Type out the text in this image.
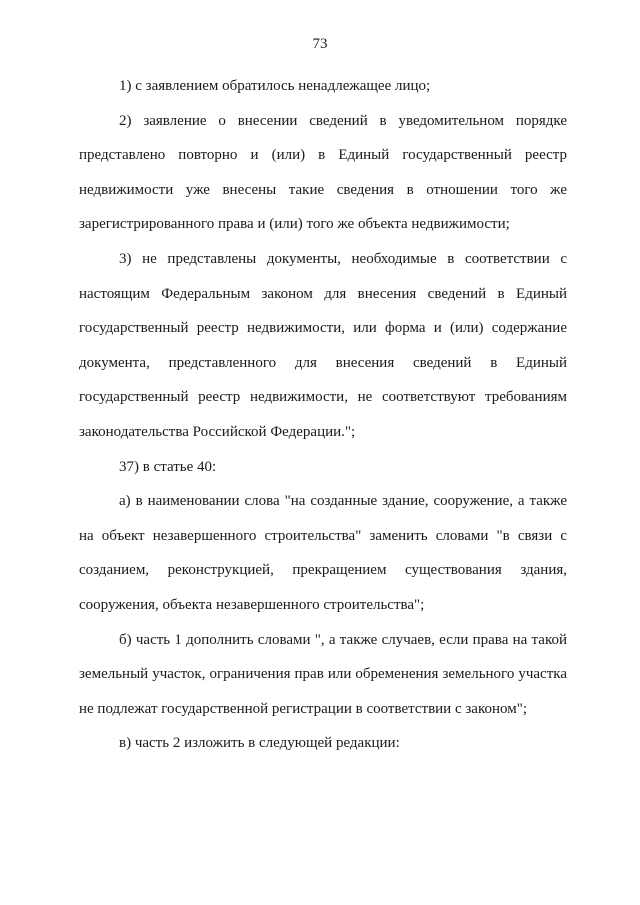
73

1) с заявлением обратилось ненадлежащее лицо;

2) заявление о внесении сведений в уведомительном порядке представлено повторно и (или) в Единый государственный реестр недвижимости уже внесены такие сведения в отношении того же зарегистрированного права и (или) того же объекта недвижимости;

3) не представлены документы, необходимые в соответствии с настоящим Федеральным законом для внесения сведений в Единый государственный реестр недвижимости, или форма и (или) содержание документа, представленного для внесения сведений в Единый государственный реестр недвижимости, не соответствуют требованиям законодательства Российской Федерации.";

37) в статье 40:

а) в наименовании слова "на созданные здание, сооружение, а также на объект незавершенного строительства" заменить словами "в связи с созданием, реконструкцией, прекращением существования здания, сооружения, объекта незавершенного строительства";

б) часть 1 дополнить словами ", а также случаев, если права на такой земельный участок, ограничения прав или обременения земельного участка не подлежат государственной регистрации в соответствии с законом";

в) часть 2 изложить в следующей редакции:
